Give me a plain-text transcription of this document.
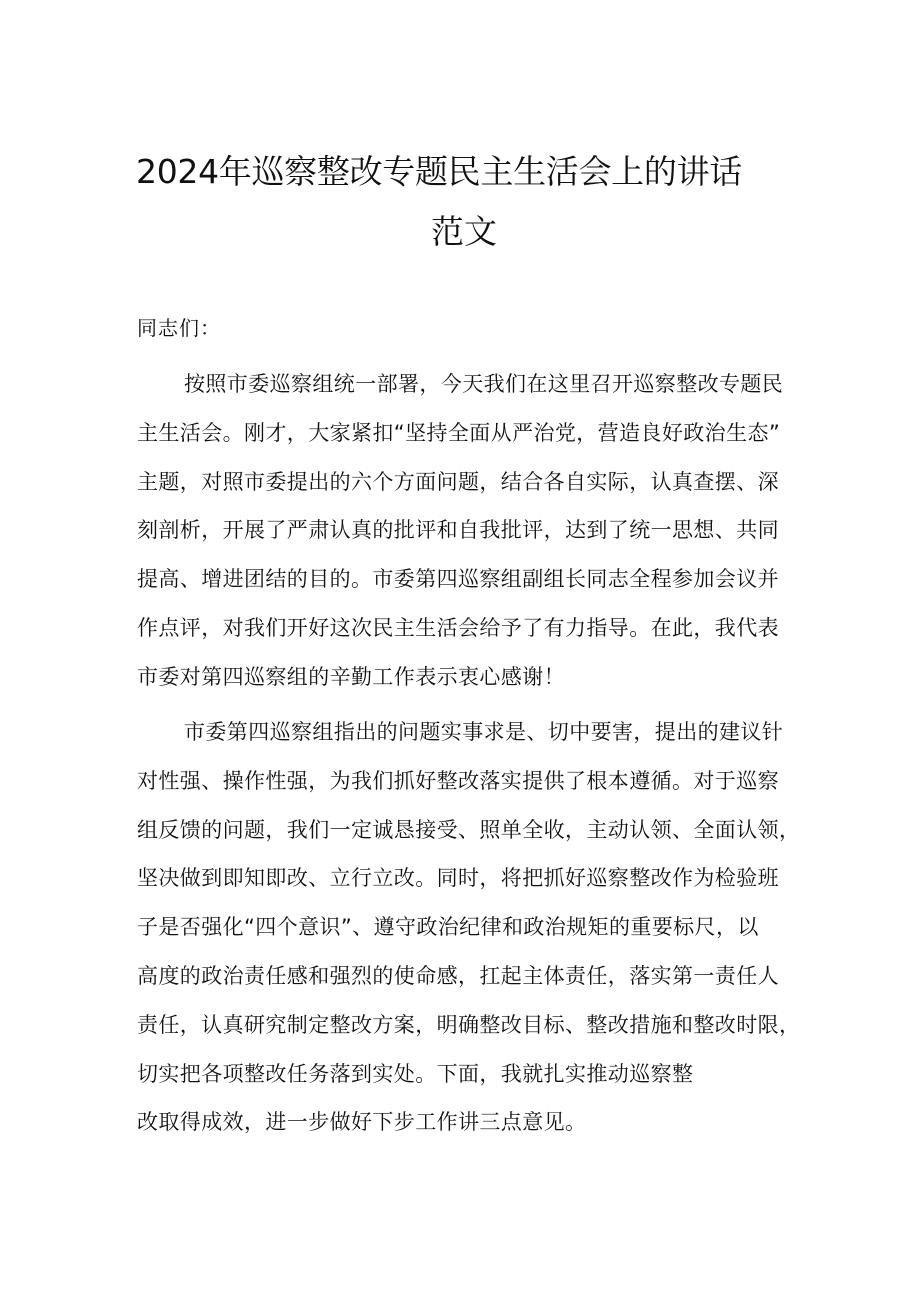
2024年巡察整改专题民主生活会上的讲话
范文
同志们：
按照市委巡察组统一部署，今天我们在这里召开巡察整改专题民
主生活会。刚才，大家紧扣“坚持全面从严治党，营造良好政治生态”
主题，对照市委提出的六个方面问题，结合各自实际，认真查摆、深
刻剖析，开展了严肃认真的批评和自我批评，达到了统一思想、共同
提高、增进团结的目的。市委第四巡察组副组长同志全程参加会议并
作点评，对我们开好这次民主生活会给予了有力指导。在此，我代表
市委对第四巡察组的辛勤工作表示衷心感谢！
市委第四巡察组指出的问题实事求是、切中要害，提出的建议针
对性强、操作性强，为我们抓好整改落实提供了根本遵循。对于巡察
组反馈的问题，我们一定诚恳接受、照单全收，主动认领、全面认领，
坚决做到即知即改、立行立改。同时，将把抓好巡察整改作为检验班
子是否强化“四个意识”、遵守政治纪律和政治规矩的重要标尺，以
高度的政治责任感和强烈的使命感，扛起主体责任，落实第一责任人
责任，认真研究制定整改方案，明确整改目标、整改措施和整改时限，
切实把各项整改任务落到实处。下面，我就扎实推动巡察整
改取得成效，进一步做好下步工作讲三点意见。
